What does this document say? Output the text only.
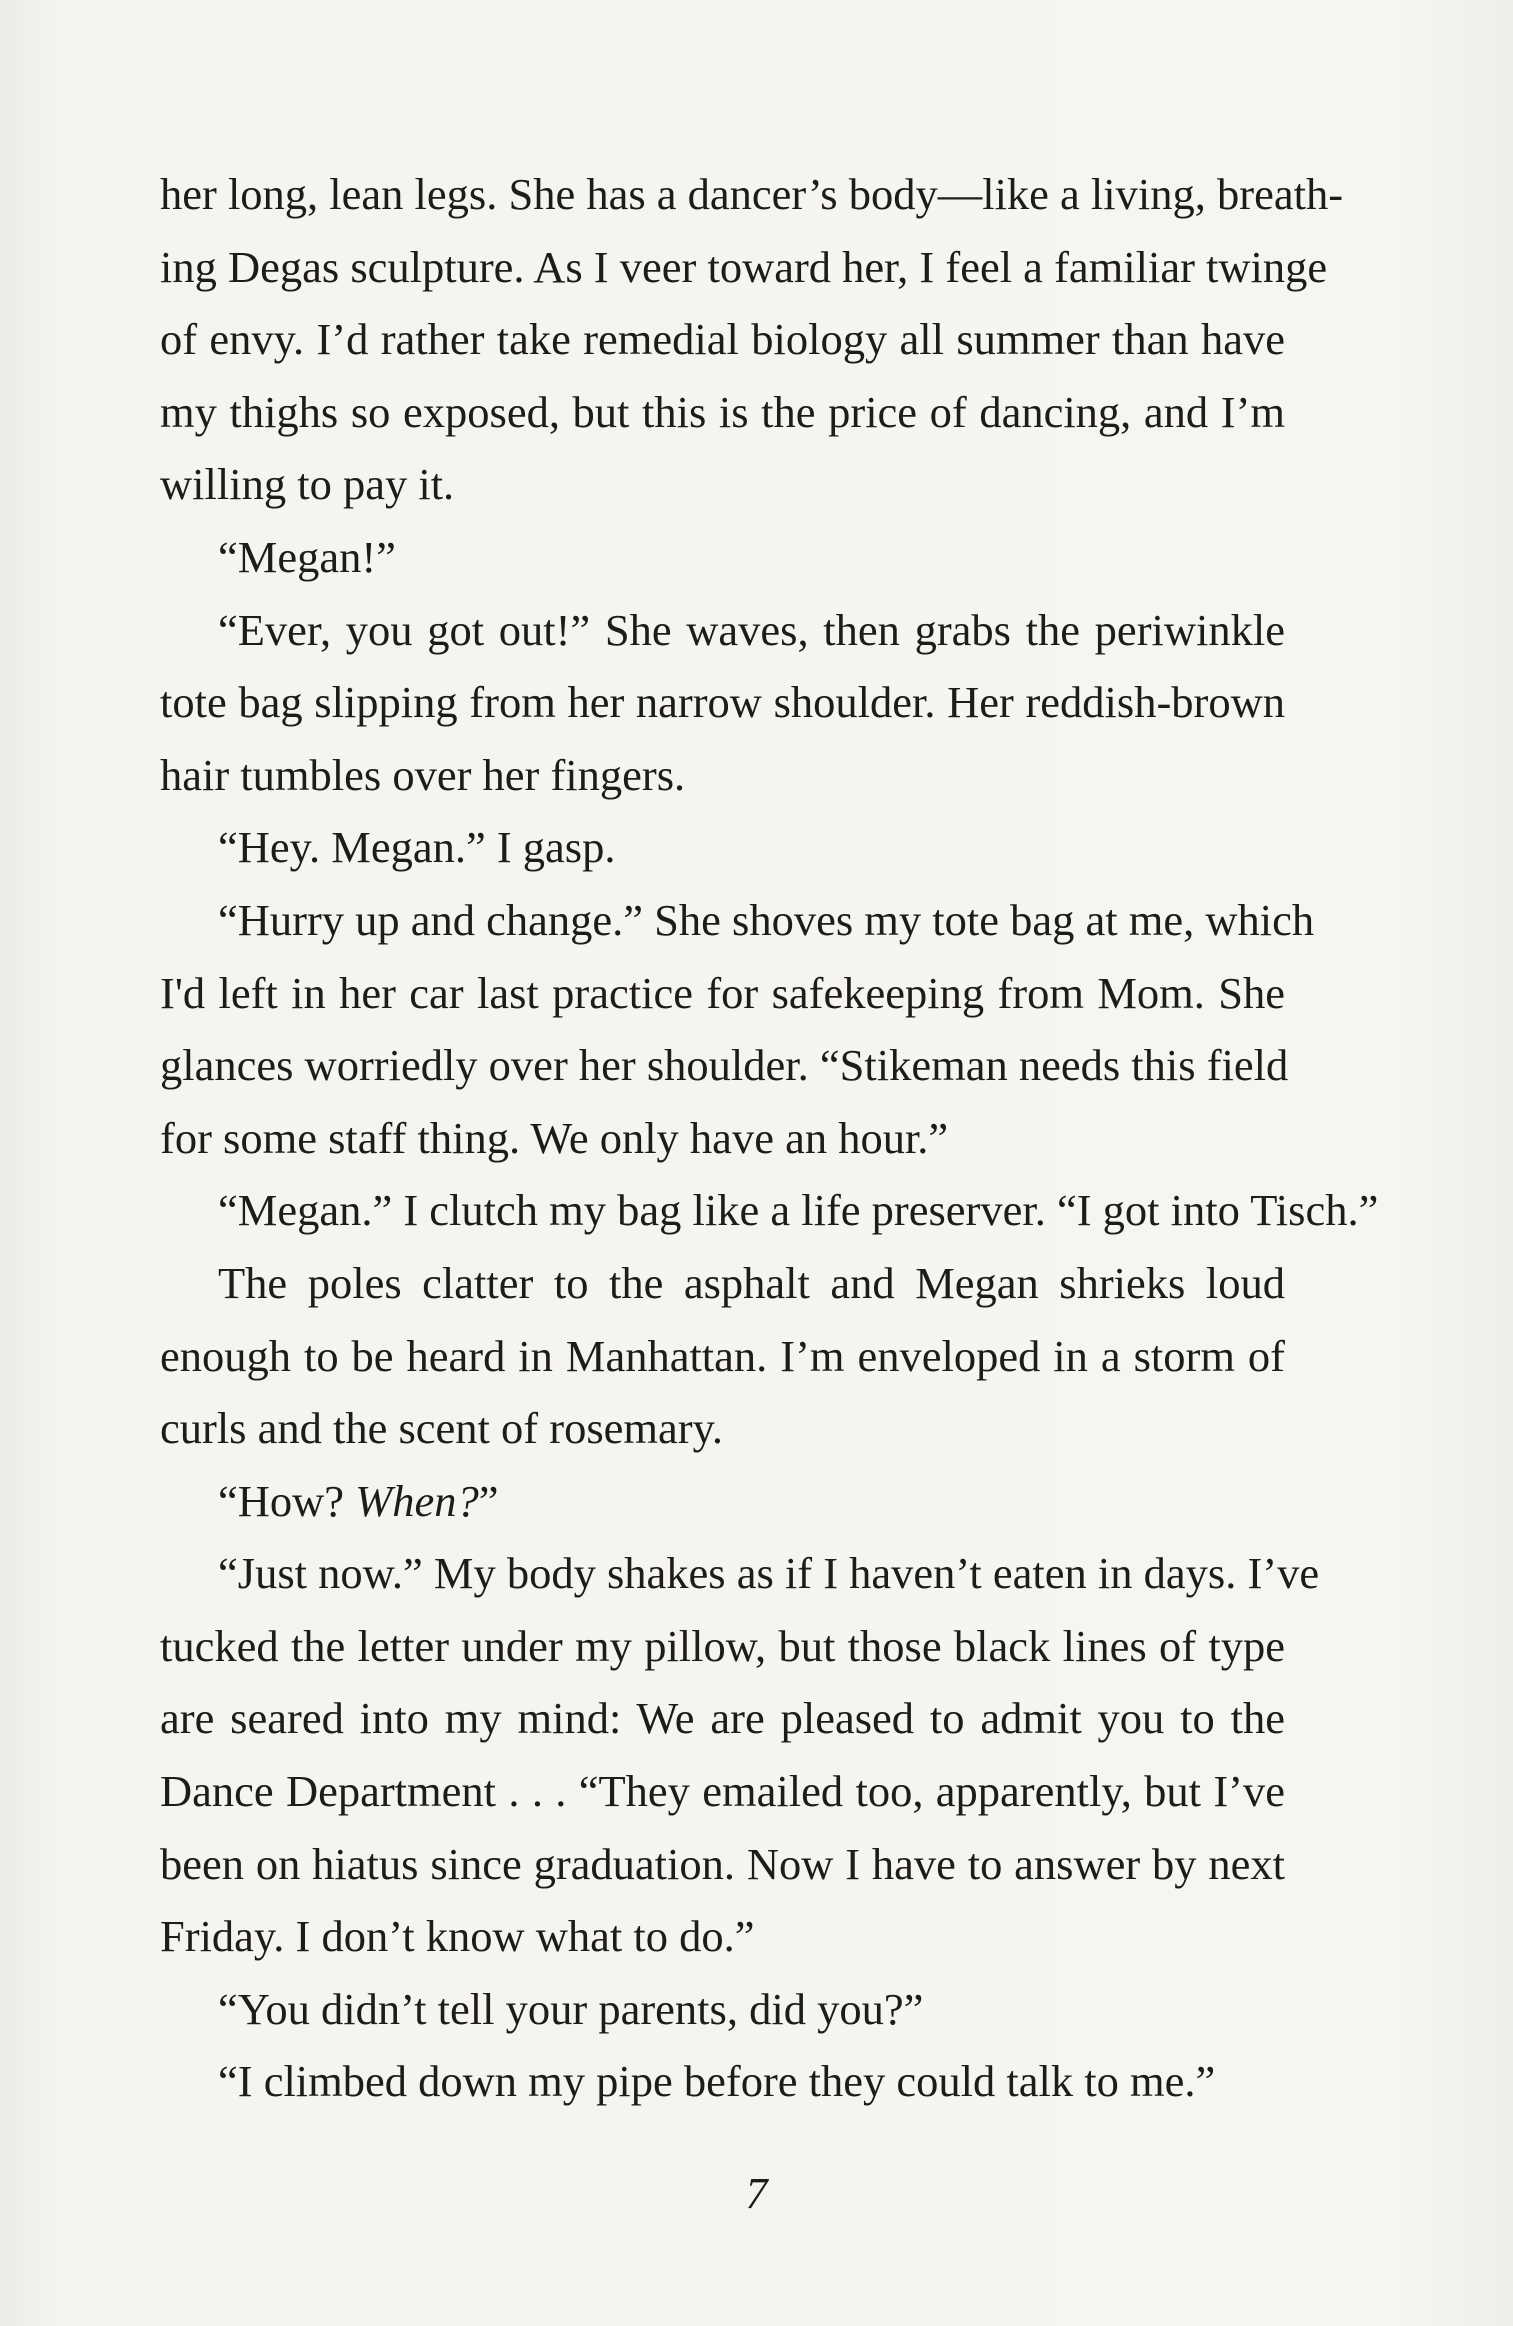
her long, lean legs. She has a dancer’s body—like a living, breath-
ing Degas sculpture. As I veer toward her, I feel a familiar twinge
of envy. I’d rather take remedial biology all summer than have
my thighs so exposed, but this is the price of dancing, and I’m
willing to pay it.
“Megan!”
“Ever, you got out!” She waves, then grabs the periwinkle
tote bag slipping from her narrow shoulder. Her reddish-brown
hair tumbles over her fingers.
“Hey. Megan.” I gasp.
“Hurry up and change.” She shoves my tote bag at me, which
I'd left in her car last practice for safekeeping from Mom. She
glances worriedly over her shoulder. “Stikeman needs this field
for some staff thing. We only have an hour.”
“Megan.” I clutch my bag like a life preserver. “I got into Tisch.”
The poles clatter to the asphalt and Megan shrieks loud
enough to be heard in Manhattan. I’m enveloped in a storm of
curls and the scent of rosemary.
“How? When?”
“Just now.” My body shakes as if I haven’t eaten in days. I’ve
tucked the letter under my pillow, but those black lines of type
are seared into my mind: We are pleased to admit you to the
Dance Department . . . “They emailed too, apparently, but I’ve
been on hiatus since graduation. Now I have to answer by next
Friday. I don’t know what to do.”
“You didn’t tell your parents, did you?”
“I climbed down my pipe before they could talk to me.”
7
